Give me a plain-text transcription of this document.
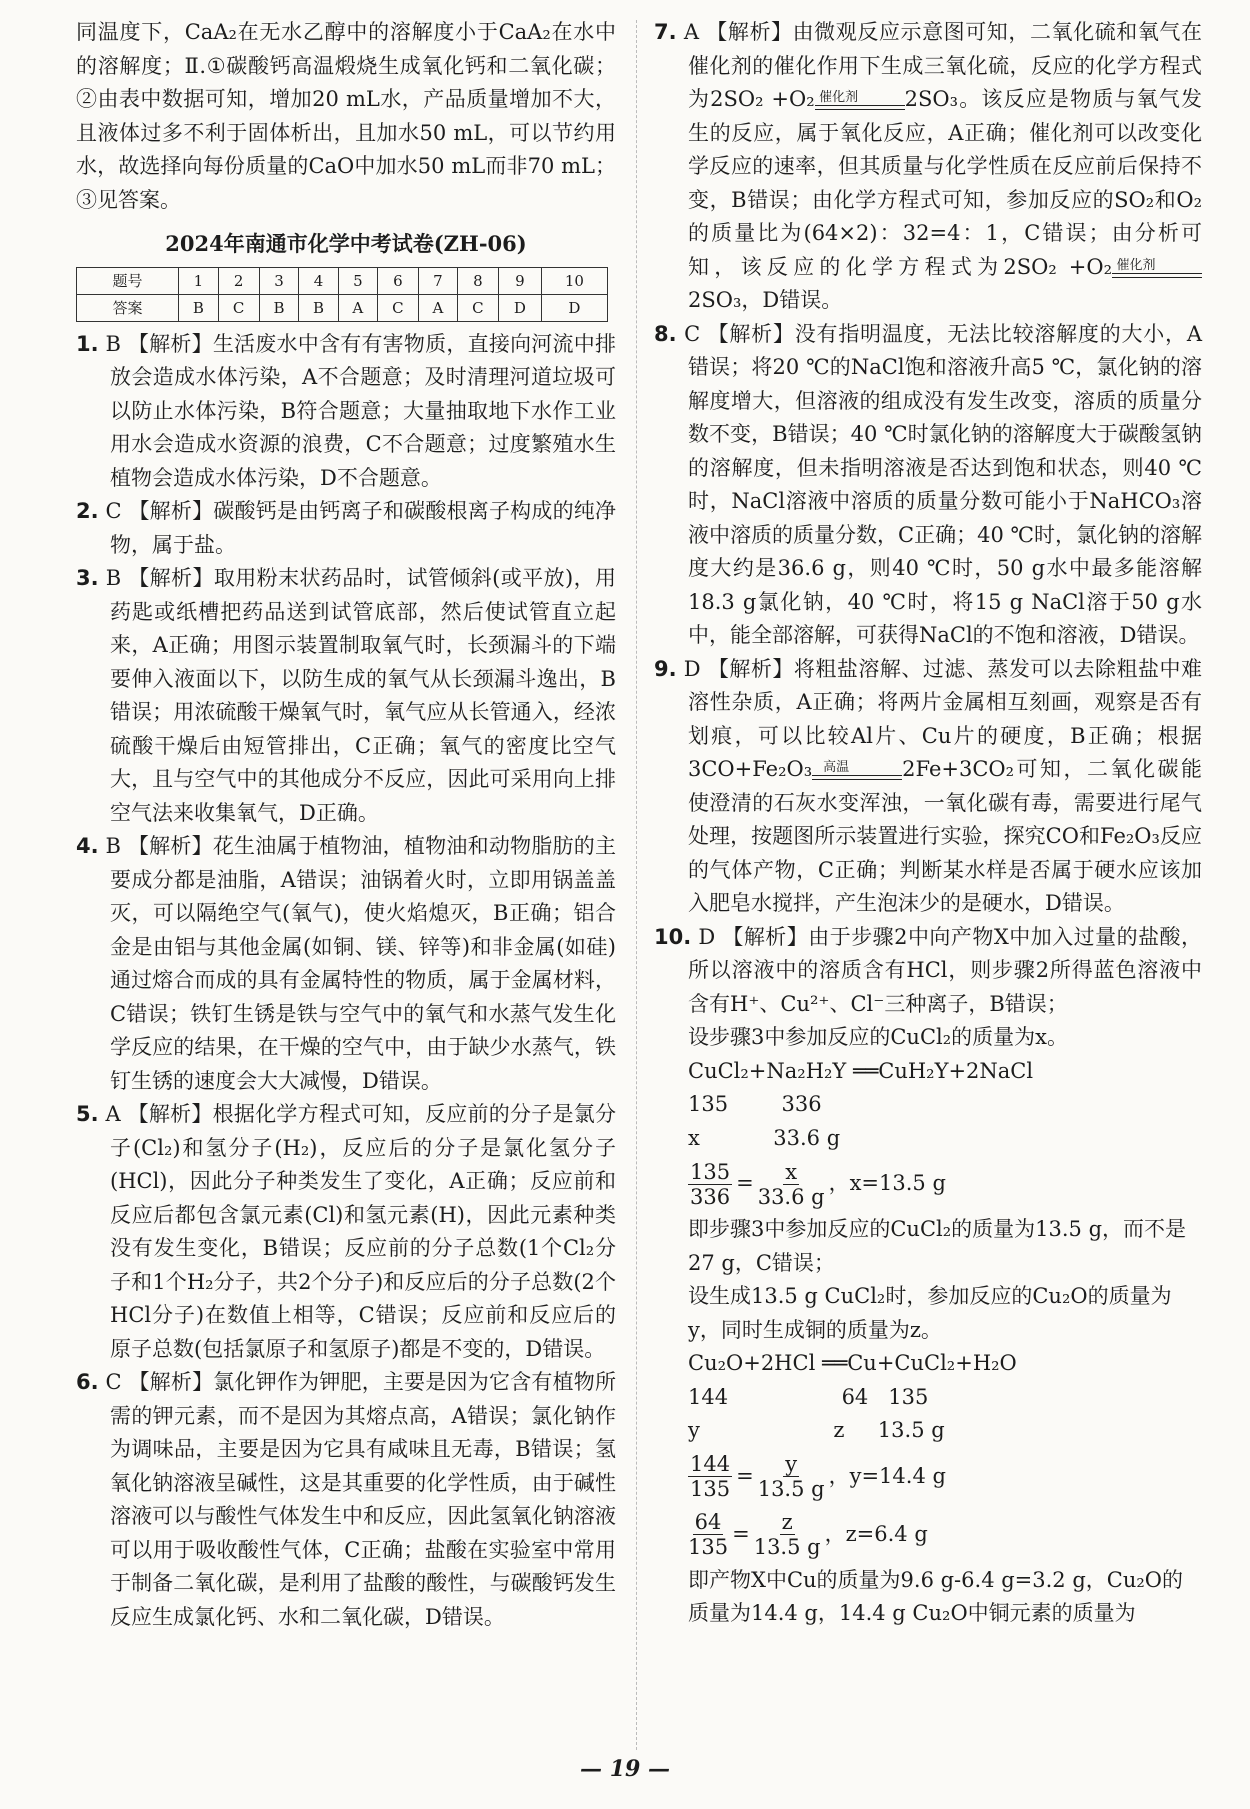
同温度下，CaA₂在无水乙醇中的溶解度小于CaA₂在水中的溶解度；Ⅱ.①碳酸钙高温煅烧生成氧化钙和二氧化碳；②由表中数据可知，增加20 mL水，产品质量增加不大，且液体过多不利于固体析出，且加水50 mL，可以节约用水，故选择向每份质量的CaO中加水50 mL而非70 mL；③见答案。

2024年南通市化学中考试卷(ZH-06)

题号	1	2	3	4	5	6	7	8	9	10
答案	B	C	B	B	A	C	A	C	D	D

1. B 【解析】生活废水中含有有害物质，直接向河流中排放会造成水体污染，A不合题意；及时清理河道垃圾可以防止水体污染，B符合题意；大量抽取地下水作工业用水会造成水资源的浪费，C不合题意；过度繁殖水生植物会造成水体污染，D不合题意。

2. C 【解析】碳酸钙是由钙离子和碳酸根离子构成的纯净物，属于盐。

3. B 【解析】取用粉末状药品时，试管倾斜(或平放)，用药匙或纸槽把药品送到试管底部，然后使试管直立起来，A正确；用图示装置制取氧气时，长颈漏斗的下端要伸入液面以下，以防生成的氧气从长颈漏斗逸出，B错误；用浓硫酸干燥氧气时，氧气应从长管通入，经浓硫酸干燥后由短管排出，C正确；氧气的密度比空气大，且与空气中的其他成分不反应，因此可采用向上排空气法来收集氧气，D正确。

4. B 【解析】花生油属于植物油，植物油和动物脂肪的主要成分都是油脂，A错误；油锅着火时，立即用锅盖盖灭，可以隔绝空气(氧气)，使火焰熄灭，B正确；铝合金是由铝与其他金属(如铜、镁、锌等)和非金属(如硅)通过熔合而成的具有金属特性的物质，属于金属材料，C错误；铁钉生锈是铁与空气中的氧气和水蒸气发生化学反应的结果，在干燥的空气中，由于缺少水蒸气，铁钉生锈的速度会大大减慢，D错误。

5. A 【解析】根据化学方程式可知，反应前的分子是氯分子(Cl₂)和氢分子(H₂)，反应后的分子是氯化氢分子(HCl)，因此分子种类发生了变化，A正确；反应前和反应后都包含氯元素(Cl)和氢元素(H)，因此元素种类没有发生变化，B错误；反应前的分子总数(1个Cl₂分子和1个H₂分子，共2个分子)和反应后的分子总数(2个HCl分子)在数值上相等，C错误；反应前和反应后的原子总数(包括氯原子和氢原子)都是不变的，D错误。

6. C 【解析】氯化钾作为钾肥，主要是因为它含有植物所需的钾元素，而不是因为其熔点高，A错误；氯化钠作为调味品，主要是因为它具有咸味且无毒，B错误；氢氧化钠溶液呈碱性，这是其重要的化学性质，由于碱性溶液可以与酸性气体发生中和反应，因此氢氧化钠溶液可以用于吸收酸性气体，C正确；盐酸在实验室中常用于制备二氧化碳，是利用了盐酸的酸性，与碳酸钙发生反应生成氯化钙、水和二氧化碳，D错误。

7. A 【解析】由微观反应示意图可知，二氧化硫和氧气在催化剂的催化作用下生成三氧化硫，反应的化学方程式为2SO₂ +O₂ 催化剂	2SO₃。该反应是物质与氧气发生的反应，属于氧化反应，A正确；催化剂可以改变化学反应的速率，但其质量与化学性质在反应前后保持不变，B错误；由化学方程式可知，参加反应的SO₂和O₂的质量比为(64×2)：32=4：1，C错误；由分析可知，该反应的化学方程式为2SO₂ +O₂ 催化剂
2SO₃，D错误。

8. C 【解析】没有指明温度，无法比较溶解度的大小，A错误；将20 ℃的NaCl饱和溶液升高5 ℃，氯化钠的溶解度增大，但溶液的组成没有发生改变，溶质的质量分数不变，B错误；40 ℃时氯化钠的溶解度大于碳酸氢钠的溶解度，但未指明溶液是否达到饱和状态，则40 ℃时，NaCl溶液中溶质的质量分数可能小于NaHCO₃溶液中溶质的质量分数，C正确；40 ℃时，氯化钠的溶解度大约是36.6 g，则40 ℃时，50 g水中最多能溶解18.3 g氯化钠，40 ℃时，将15 g NaCl溶于50 g水中，能全部溶解，可获得NaCl的不饱和溶液，D错误。

9. D 【解析】将粗盐溶解、过滤、蒸发可以去除粗盐中难溶性杂质，A正确；将两片金属相互刻画，观察是否有划痕，可以比较Al片、Cu片的硬度，B正确；根据3CO+Fe₂O₃ 高温	2Fe+3CO₂可知，二氧化碳能使澄清的石灰水变浑浊，一氧化碳有毒，需要进行尾气处理，按题图所示装置进行实验，探究CO和Fe₂O₃反应的气体产物，C正确；判断某水样是否属于硬水应该加入肥皂水搅拌，产生泡沫少的是硬水，D错误。

10. D 【解析】由于步骤2中向产物X中加入过量的盐酸，所以溶液中的溶质含有HCl，则步骤2所得蓝色溶液中含有H⁺、Cu²⁺、Cl⁻三种离子，B错误；

设步骤3中参加反应的CuCl₂的质量为x。

CuCl₂+Na₂H₂Y ══CuH₂Y+2NaCl

135        336

x           33.6 g

$\frac{135}{336} = \frac{x}{33.6 g}$ ，x=13.5 g

即步骤3中参加反应的CuCl₂的质量为13.5 g，而不是27 g，C错误；

设生成13.5 g CuCl₂时，参加反应的Cu₂O的质量为y，同时生成铜的质量为z。

Cu₂O+2HCl ══Cu+CuCl₂+H₂O

144                 64   135

y                    z     13.5 g

$\frac{144}{135} = \frac{y}{13.5 g}$ ，y=14.4 g
$\frac{64}{135} = \frac{z}{13.5 g}$ ，z=6.4 g

即产物X中Cu的质量为9.6 g-6.4 g=3.2 g，Cu₂O的质量为14.4 g，14.4 g Cu₂O中铜元素的质量为

— 19 —
